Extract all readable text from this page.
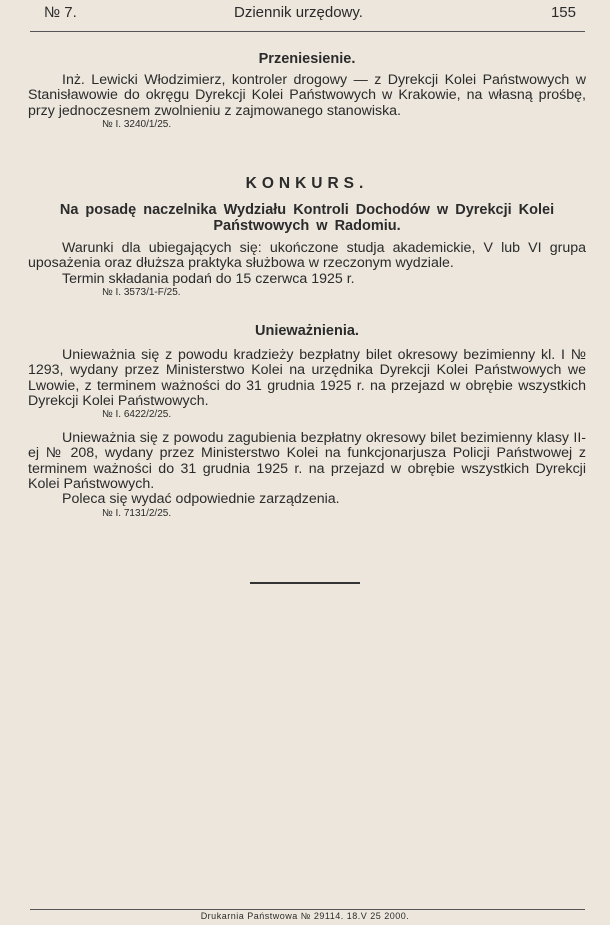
№ 7.	Dziennik urzędowy.	155
Przeniesienie.

Inż. Lewicki Włodzimierz, kontroler drogowy — z Dyrekcji Kolei Państwowych w Stanisławowie do okręgu Dyrekcji Kolei Państwowych w Krakowie, na własną prośbę, przy jednoczesnem zwolnieniu z zajmowanego stanowiska.

№ I. 3240/1/25.
KONKURS.
Na posadę naczelnika Wydziału Kontroli Dochodów w Dyrekcji Kolei Państwowych w Radomiu.

Warunki dla ubiegających się: ukończone studja akademickie, V lub VI grupa uposażenia oraz dłuższa praktyka służbowa w rzeczonym wydziale.

Termin składania podań do 15 czerwca 1925 r.

№ I. 3573/1-F/25.
Unieważnienia.

Unieważnia się z powodu kradzieży bezpłatny bilet okresowy bezimienny kl. I № 1293, wydany przez Ministerstwo Kolei na urzędnika Dyrekcji Kolei Państwowych we Lwowie, z terminem ważności do 31 grudnia 1925 r. na przejazd w obrębie wszystkich Dyrekcji Kolei Państwowych.

№ I. 6422/2/25.

Unieważnia się z powodu zagubienia bezpłatny okresowy bilet bezimienny klasy II-ej № 208, wydany przez Ministerstwo Kolei na funkcjonarjusza Policji Państwowej z terminem ważności do 31 grudnia 1925 r. na przejazd w obrębie wszystkich Dyrekcji Kolei Państwowych.

Poleca się wydać odpowiednie zarządzenia.

№ I. 7131/2/25.
Drukarnia Państwowa № 29114. 18.V 25 2000.
